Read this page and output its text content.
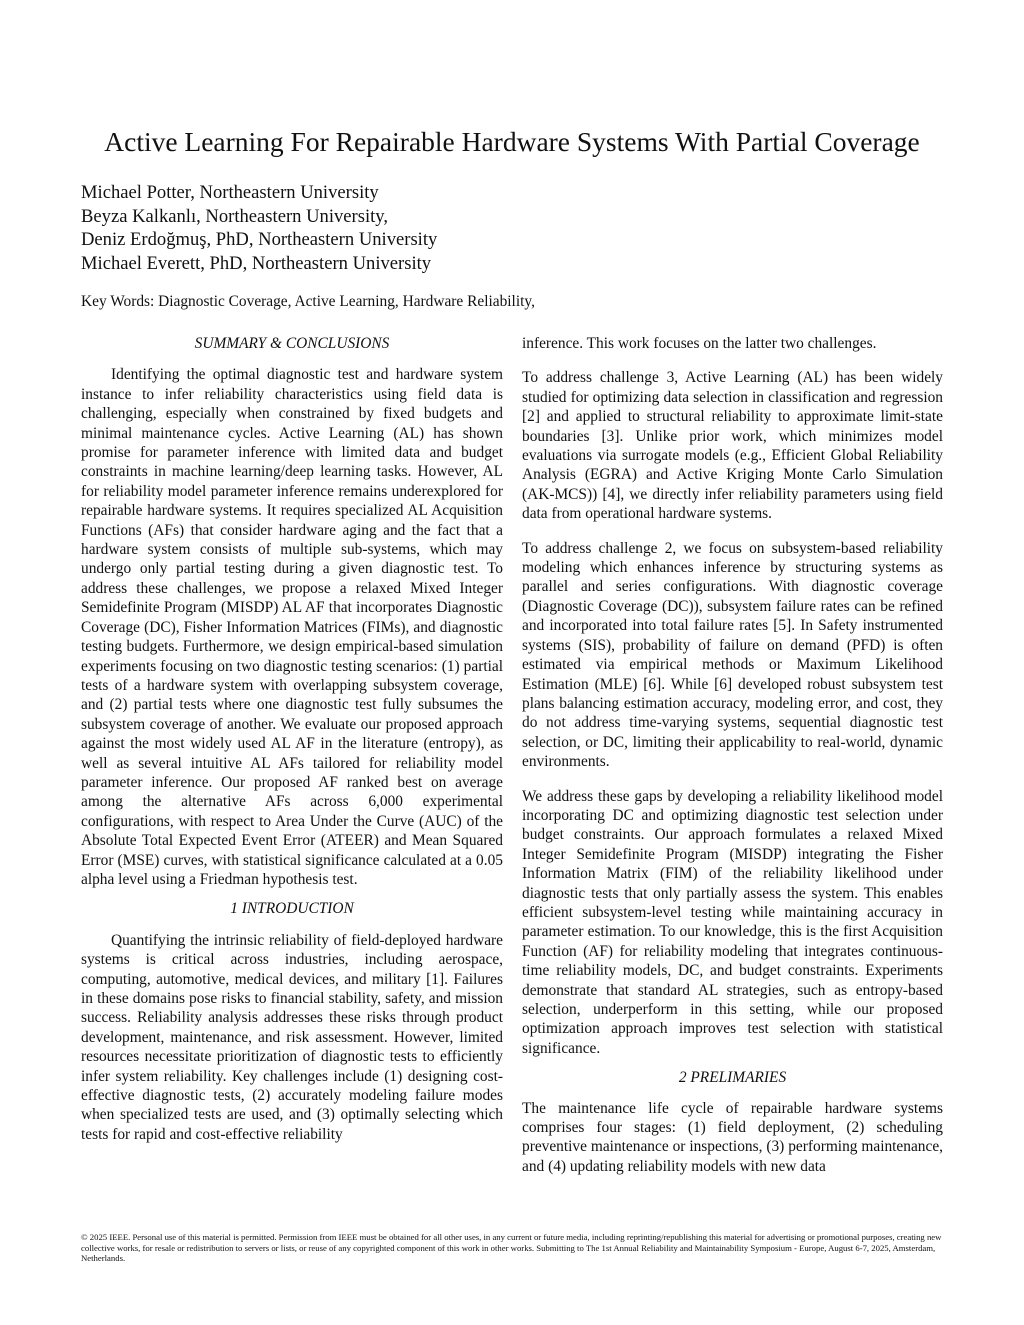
Active Learning For Repairable Hardware Systems With Partial Coverage
Michael Potter, Northeastern University
Beyza Kalkanlı, Northeastern University,
Deniz Erdoğmuş, PhD, Northeastern University
Michael Everett, PhD, Northeastern University
Key Words: Diagnostic Coverage, Active Learning, Hardware Reliability,
SUMMARY & CONCLUSIONS

Identifying the optimal diagnostic test and hardware system instance to infer reliability characteristics using field data is challenging, especially when constrained by fixed budgets and minimal maintenance cycles. Active Learning (AL) has shown promise for parameter inference with limited data and budget constraints in machine learning/deep learning tasks. However, AL for reliability model parameter inference remains underexplored for repairable hardware systems. It requires specialized AL Acquisition Functions (AFs) that consider hardware aging and the fact that a hardware system consists of multiple sub-systems, which may undergo only partial testing during a given diagnostic test. To address these challenges, we propose a relaxed Mixed Integer Semidefinite Program (MISDP) AL AF that incorporates Diagnostic Coverage (DC), Fisher Information Matrices (FIMs), and diagnostic testing budgets. Furthermore, we design empirical-based simulation experiments focusing on two diagnostic testing scenarios: (1) partial tests of a hardware system with overlapping subsystem coverage, and (2) partial tests where one diagnostic test fully subsumes the subsystem coverage of another. We evaluate our proposed approach against the most widely used AL AF in the literature (entropy), as well as several intuitive AL AFs tailored for reliability model parameter inference. Our proposed AF ranked best on average among the alternative AFs across 6,000 experimental configurations, with respect to Area Under the Curve (AUC) of the Absolute Total Expected Event Error (ATEER) and Mean Squared Error (MSE) curves, with statistical significance calculated at a 0.05 alpha level using a Friedman hypothesis test.

1 INTRODUCTION

Quantifying the intrinsic reliability of field-deployed hardware systems is critical across industries, including aerospace, computing, automotive, medical devices, and military [1]. Failures in these domains pose risks to financial stability, safety, and mission success. Reliability analysis addresses these risks through product development, maintenance, and risk assessment. However, limited resources necessitate prioritization of diagnostic tests to efficiently infer system reliability. Key challenges include (1) designing cost-effective diagnostic tests, (2) accurately modeling failure modes when specialized tests are used, and (3) optimally selecting which tests for rapid and cost-effective reliability

inference. This work focuses on the latter two challenges.

To address challenge 3, Active Learning (AL) has been widely studied for optimizing data selection in classification and regression [2] and applied to structural reliability to approximate limit-state boundaries [3]. Unlike prior work, which minimizes model evaluations via surrogate models (e.g., Efficient Global Reliability Analysis (EGRA) and Active Kriging Monte Carlo Simulation (AK-MCS)) [4], we directly infer reliability parameters using field data from operational hardware systems.

To address challenge 2, we focus on subsystem-based reliability modeling which enhances inference by structuring systems as parallel and series configurations. With diagnostic coverage (Diagnostic Coverage (DC)), subsystem failure rates can be refined and incorporated into total failure rates [5]. In Safety instrumented systems (SIS), probability of failure on demand (PFD) is often estimated via empirical methods or Maximum Likelihood Estimation (MLE) [6]. While [6] developed robust subsystem test plans balancing estimation accuracy, modeling error, and cost, they do not address time-varying systems, sequential diagnostic test selection, or DC, limiting their applicability to real-world, dynamic environments.

We address these gaps by developing a reliability likelihood model incorporating DC and optimizing diagnostic test selection under budget constraints. Our approach formulates a relaxed Mixed Integer Semidefinite Program (MISDP) integrating the Fisher Information Matrix (FIM) of the reliability likelihood under diagnostic tests that only partially assess the system. This enables efficient subsystem-level testing while maintaining accuracy in parameter estimation. To our knowledge, this is the first Acquisition Function (AF) for reliability modeling that integrates continuous-time reliability models, DC, and budget constraints. Experiments demonstrate that standard AL strategies, such as entropy-based selection, underperform in this setting, while our proposed optimization approach improves test selection with statistical significance.

2 PRELIMARIES

The maintenance life cycle of repairable hardware systems comprises four stages: (1) field deployment, (2) scheduling preventive maintenance or inspections, (3) performing maintenance, and (4) updating reliability models with new data

© 2025 IEEE. Personal use of this material is permitted. Permission from IEEE must be obtained for all other uses, in any current or future media, including reprinting/republishing this material for advertising or promotional purposes, creating new collective works, for resale or redistribution to servers or lists, or reuse of any copyrighted component of this work in other works. Submitting to The 1st Annual Reliability and Maintainability Symposium - Europe, August 6-7, 2025, Amsterdam, Netherlands.
